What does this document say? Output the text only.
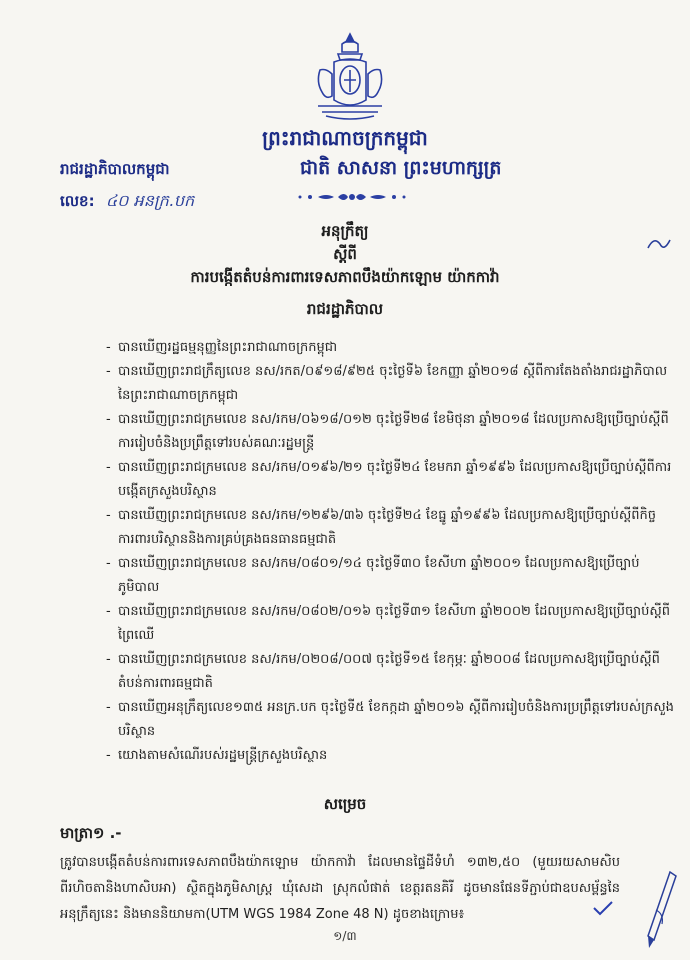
ព្រះរាជាណាចក្រកម្ពុជា
រាជរដ្ឋាភិបាលកម្ពុជា	ជាតិ សាសនា ព្រះមហាក្សត្រ
លេខ: ៤០ អនក្រ.បក
អនុក្រឹត្យ
ស្តីពី
ការបង្កើតតំបន់ការពារទេសភាពបឹងយ៉ាកឡោម យ៉ាកកាវ៉ា
រាជរដ្ឋាភិបាល
- បានឃើញរដ្ឋធម្មនុញ្ញនៃព្រះរាជាណាចក្រកម្ពុជា
- បានឃើញព្រះរាជក្រឹត្យលេខ នស/រកត/០៩១៨/៩២៥ ចុះថ្ងៃទី៦ ខែកញ្ញា ឆ្នាំ២០១៨ ស្តីពីការតែងតាំងរាជរដ្ឋាភិបាលនៃព្រះរាជាណាចក្រកម្ពុជា
- បានឃើញព្រះរាជក្រមលេខ នស/រកម/០៦១៨/០១២ ចុះថ្ងៃទី២៨ ខែមិថុនា ឆ្នាំ២០១៨ ដែលប្រកាសឱ្យប្រើច្បាប់ស្តីពីការរៀបចំនិងប្រព្រឹត្តទៅរបស់គណៈរដ្ឋមន្ត្រី
- បានឃើញព្រះរាជក្រមលេខ នស/រកម/០១៩៦/២១ ចុះថ្ងៃទី២៤ ខែមករា ឆ្នាំ១៩៩៦ ដែលប្រកាសឱ្យប្រើច្បាប់ស្តីពីការបង្កើតក្រសួងបរិស្ថាន
- បានឃើញព្រះរាជក្រមលេខ នស/រកម/១២៩៦/៣៦ ចុះថ្ងៃទី២៤ ខែធ្នូ ឆ្នាំ១៩៩៦ ដែលប្រកាសឱ្យប្រើច្បាប់ស្តីពីកិច្ចការពារបរិស្ថាននិងការគ្រប់គ្រងធនធានធម្មជាតិ
- បានឃើញព្រះរាជក្រមលេខ នស/រកម/០៨០១/១៤ ចុះថ្ងៃទី៣០ ខែសីហា ឆ្នាំ២០០១ ដែលប្រកាសឱ្យប្រើច្បាប់ភូមិបាល
- បានឃើញព្រះរាជក្រមលេខ នស/រកម/០៨០២/០១៦ ចុះថ្ងៃទី៣១ ខែសីហា ឆ្នាំ២០០២ ដែលប្រកាសឱ្យប្រើច្បាប់ស្តីពីព្រៃឈើ
- បានឃើញព្រះរាជក្រមលេខ នស/រកម/០២០៨/០០៧ ចុះថ្ងៃទី១៥ ខែកុម្ភៈ ឆ្នាំ២០០៨ ដែលប្រកាសឱ្យប្រើច្បាប់ស្តីពីតំបន់ការពារធម្មជាតិ
- បានឃើញអនុក្រឹត្យលេខ១៣៥ អនក្រ.បក ចុះថ្ងៃទី៥ ខែកក្កដា ឆ្នាំ២០១៦ ស្តីពីការរៀបចំនិងការប្រព្រឹត្តទៅរបស់ក្រសួងបរិស្ថាន
- យោងតាមសំណើរបស់រដ្ឋមន្ត្រីក្រសួងបរិស្ថាន
សម្រេច
មាត្រា១ .-
ត្រូវបានបង្កើតតំបន់ការពារទេសភាពបឹងយ៉ាកឡោម យ៉ាកកាវ៉ា ដែលមានផ្ទៃដីទំហំ ១៣២,៥០ (មួយរយសាមសិបពីរហិចតានិងហាសិបអា) ស្ថិតក្នុងភូមិសាស្ត្រ ឃុំសេដា ស្រុកលំផាត់ ខេត្តរតនគិរី ដូចមានផែនទីភ្ជាប់ជាឧបសម្ព័ន្ធនៃអនុក្រឹត្យនេះ និងមាននិយាមកា(UTM WGS 1984 Zone 48 N) ដូចខាងក្រោម៖
១/៣
